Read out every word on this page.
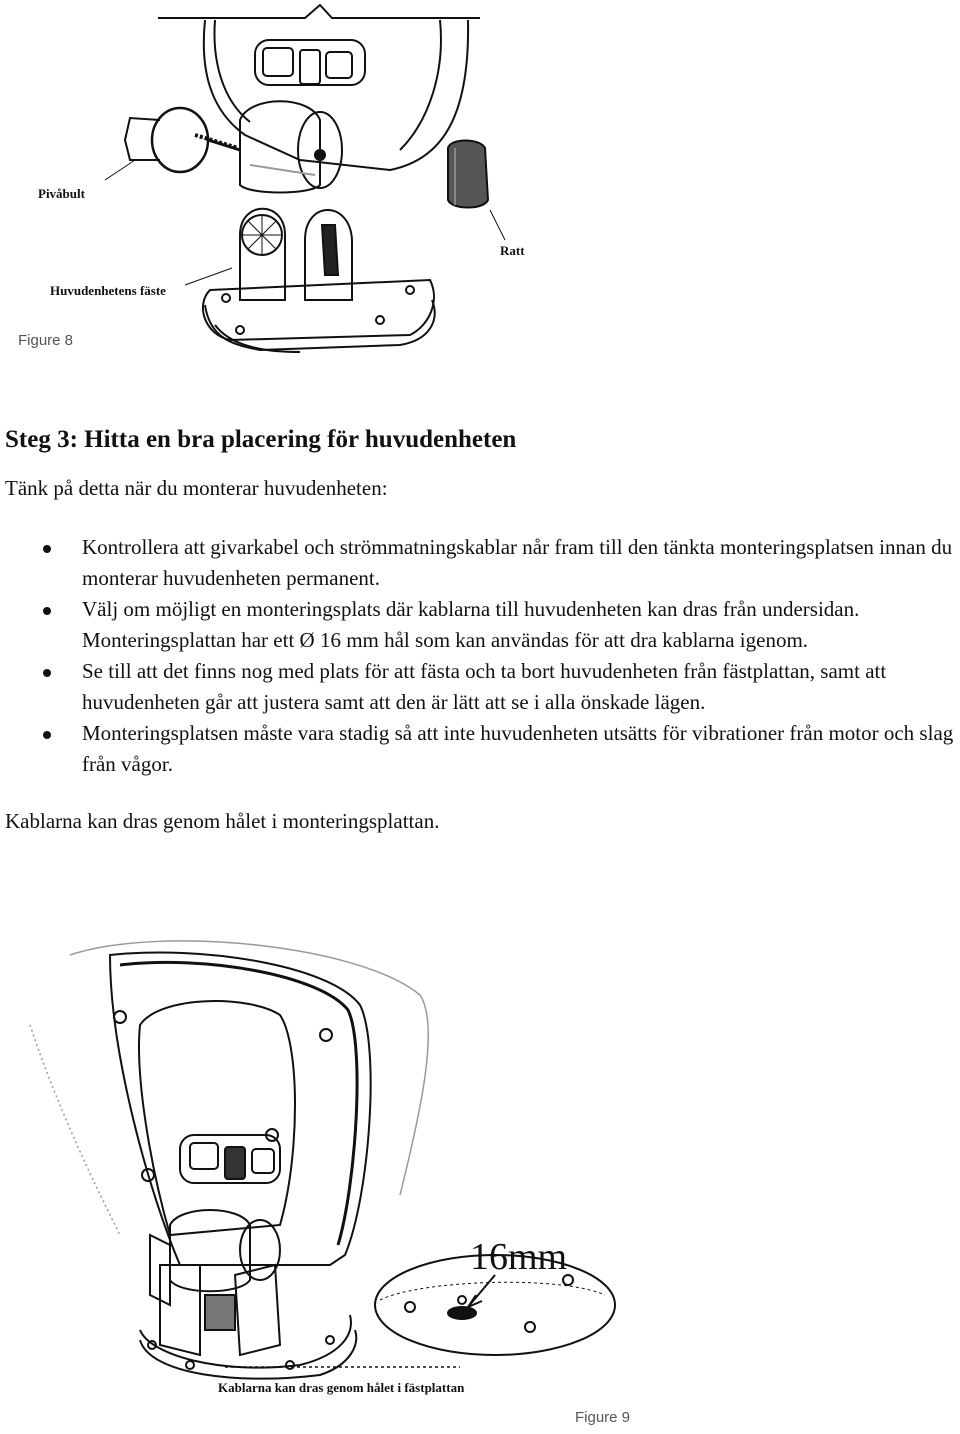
Pivåbult
Ratt
Huvudenhetens fäste
Figure 8
Steg 3: Hitta en bra placering för huvudenheten

Tänk på detta när du monterar huvudenheten:

Kontrollera att givarkabel och strömmatningskablar når fram till den tänkta monteringsplatsen innan du monterar huvudenheten permanent.
Välj om möjligt en monteringsplats där kablarna till huvudenheten kan dras från undersidan. Monteringsplattan har ett Ø 16 mm hål som kan användas för att dra kablarna igenom.
Se till att det finns nog med plats för att fästa och ta bort huvudenheten från fästplattan, samt att huvudenheten går att justera samt att den är lätt att se i alla önskade lägen.
Monteringsplatsen måste vara stadig så att inte huvudenheten utsätts för vibrationer från motor och slag från vågor.

Kablarna kan dras genom hålet i monteringsplattan.

16mm
Kablarna kan dras genom hålet i fästplattan
Figure 9
